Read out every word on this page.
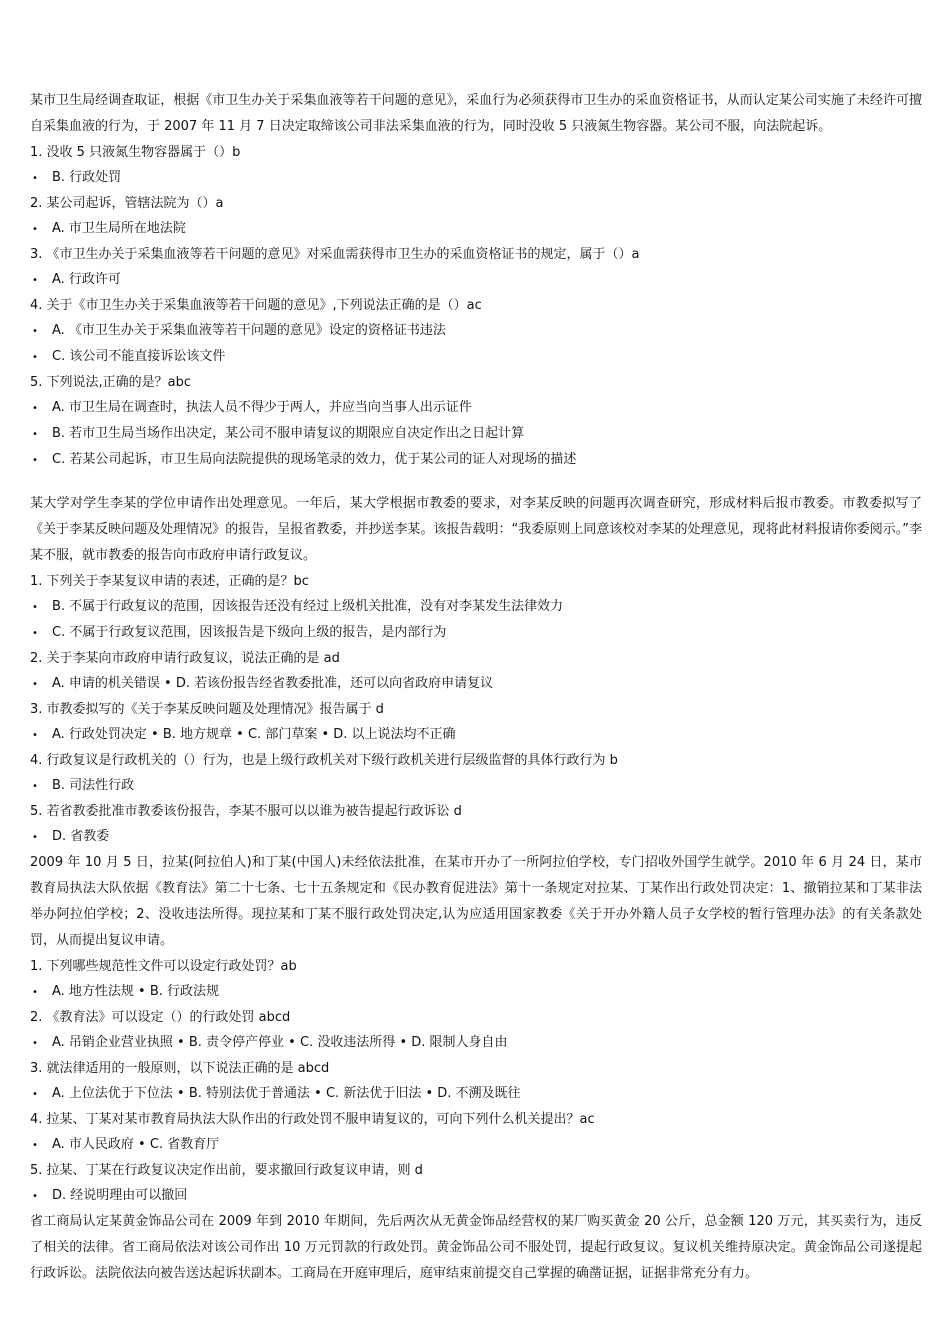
某市卫生局经调查取证，根据《市卫生办关于采集血液等若干问题的意见》，采血行为必须获得市卫生办的采血资格证书，从而认定某公司实施了未经许可擅自采集血液的行为，于 2007 年 11 月 7 日决定取缔该公司非法采集血液的行为，同时没收 5 只液氮生物容器。某公司不服，向法院起诉。

1. 没收 5 只液氮生物容器属于（）b

• B. 行政处罚

2. 某公司起诉，管辖法院为（）a

• A. 市卫生局所在地法院

3. 《市卫生办关于采集血液等若干问题的意见》对采血需获得市卫生办的采血资格证书的规定，属于（）a

• A. 行政许可

4. 关于《市卫生办关于采集血液等若干问题的意见》,下列说法正确的是（）ac

• A. 《市卫生办关于采集血液等若干问题的意见》设定的资格证书违法

• C. 该公司不能直接诉讼该文件

5. 下列说法,正确的是？abc

• A. 市卫生局在调查时，执法人员不得少于两人，并应当向当事人出示证件

• B. 若市卫生局当场作出决定，某公司不服申请复议的期限应自决定作出之日起计算

• C. 若某公司起诉，市卫生局向法院提供的现场笔录的效力，优于某公司的证人对现场的描述

某大学对学生李某的学位申请作出处理意见。一年后，某大学根据市教委的要求，对李某反映的问题再次调查研究，形成材料后报市教委。市教委拟写了《关于李某反映问题及处理情况》的报告，呈报省教委，并抄送李某。该报告载明：“我委原则上同意该校对李某的处理意见，现将此材料报请你委阅示。”李某不服，就市教委的报告向市政府申请行政复议。

1. 下列关于李某复议申请的表述，正确的是？bc

• B. 不属于行政复议的范围，因该报告还没有经过上级机关批准，没有对李某发生法律效力

• C. 不属于行政复议范围，因该报告是下级向上级的报告，是内部行为

2. 关于李某向市政府申请行政复议，说法正确的是 ad

• A. 申请的机关错误 • D. 若该份报告经省教委批准，还可以向省政府申请复议

3. 市教委拟写的《关于李某反映问题及处理情况》报告属于 d

• A. 行政处罚决定 • B. 地方规章 • C. 部门草案 • D. 以上说法均不正确

4. 行政复议是行政机关的（）行为，也是上级行政机关对下级行政机关进行层级监督的具体行政行为 b

• B. 司法性行政

5. 若省教委批准市教委该份报告，李某不服可以以谁为被告提起行政诉讼 d

• D. 省教委

2009 年 10 月 5 日，拉某(阿拉伯人)和丁某(中国人)未经依法批准，在某市开办了一所阿拉伯学校，专门招收外国学生就学。2010 年 6 月 24 日，某市教育局执法大队依据《教育法》第二十七条、七十五条规定和《民办教育促进法》第十一条规定对拉某、丁某作出行政处罚决定：1、撤销拉某和丁某非法举办阿拉伯学校；2、没收违法所得。现拉某和丁某不服行政处罚决定,认为应适用国家教委《关于开办外籍人员子女学校的暂行管理办法》的有关条款处罚，从而提出复议申请。

1. 下列哪些规范性文件可以设定行政处罚？ab

• A. 地方性法规 • B. 行政法规

2. 《教育法》可以设定（）的行政处罚 abcd

• A. 吊销企业营业执照 • B. 责令停产停业 • C. 没收违法所得 • D. 限制人身自由

3. 就法律适用的一般原则，以下说法正确的是 abcd

• A. 上位法优于下位法 • B. 特别法优于普通法 • C. 新法优于旧法 • D. 不溯及既往

4. 拉某、丁某对某市教育局执法大队作出的行政处罚不服申请复议的，可向下列什么机关提出？ac

• A. 市人民政府 • C. 省教育厅

5. 拉某、丁某在行政复议决定作出前，要求撤回行政复议申请，则 d

• D. 经说明理由可以撤回

省工商局认定某黄金饰品公司在 2009 年到 2010 年期间，先后两次从无黄金饰品经营权的某厂购买黄金 20 公斤，总金额 120 万元，其买卖行为，违反了相关的法律。省工商局依法对该公司作出 10 万元罚款的行政处罚。黄金饰品公司不服处罚，提起行政复议。复议机关维持原决定。黄金饰品公司遂提起行政诉讼。法院依法向被告送达起诉状副本。工商局在开庭审理后，庭审结束前提交自己掌握的确凿证据，证据非常充分有力。
